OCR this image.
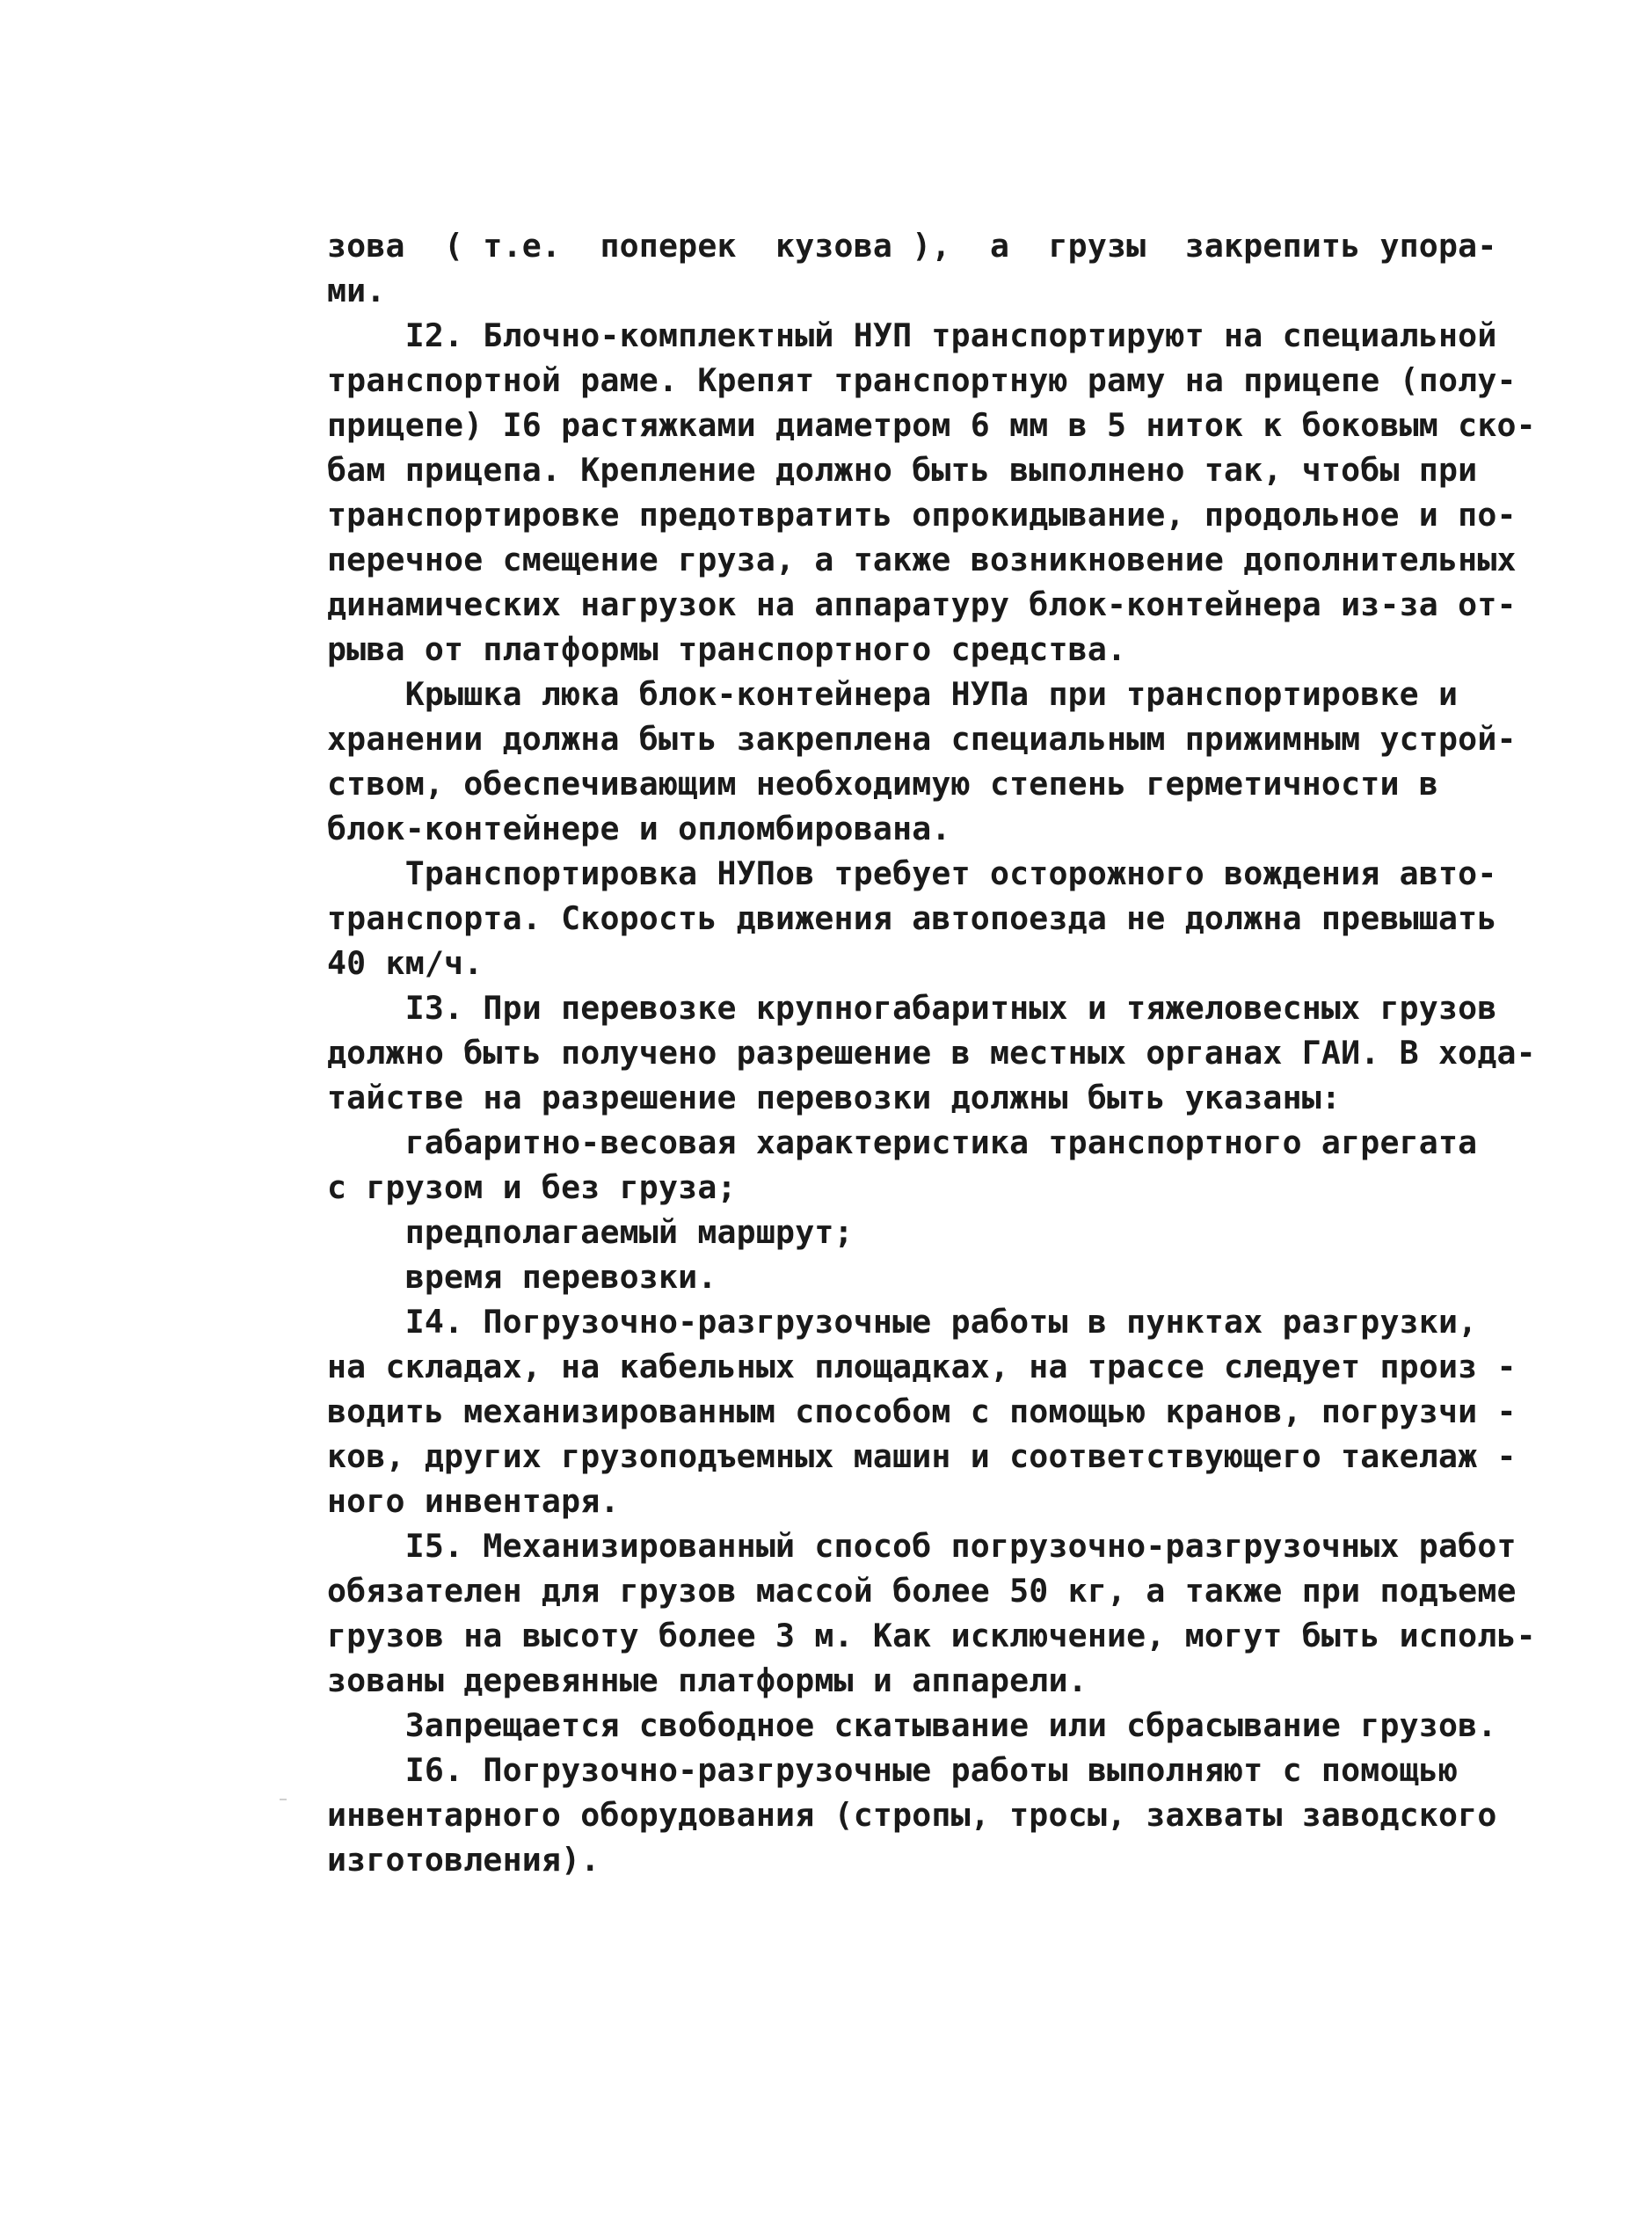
зова  ( т.е.  поперек  кузова ),  а  грузы  закрепить упора-
ми.
I2. Блочно-комплектный НУП транспортируют на специальной
транспортной раме. Крепят транспортную раму на прицепе (полу-
прицепе) I6 растяжками диаметром 6 мм в 5 ниток к боковым ско-
бам прицепа. Крепление должно быть выполнено так, чтобы при
транспортировке предотвратить опрокидывание, продольное и по-
перечное смещение груза, а также возникновение дополнительных
динамических нагрузок на аппаратуру блок-контейнера из-за от-
рыва от платформы транспортного средства.
Крышка люка блок-контейнера НУПа при транспортировке и
хранении должна быть закреплена специальным прижимным устрой-
ством, обеспечивающим необходимую степень герметичности в
блок-контейнере и опломбирована.
Транспортировка НУПов требует осторожного вождения авто-
транспорта. Скорость движения автопоезда не должна превышать
40 км/ч.
I3. При перевозке крупногабаритных и тяжеловесных грузов
должно быть получено разрешение в местных органах ГАИ. В хода-
тайстве на разрешение перевозки должны быть указаны:
габаритно-весовая характеристика транспортного агрегата
с грузом и без груза;
предполагаемый маршрут;
время перевозки.
I4. Погрузочно-разгрузочные работы в пунктах разгрузки,
на складах, на кабельных площадках, на трассе следует произ -
водить механизированным способом с помощью кранов, погрузчи -
ков, других грузоподъемных машин и соответствующего такелаж -
ного инвентаря.
I5. Механизированный способ погрузочно-разгрузочных работ
обязателен для грузов массой более 50 кг, а также при подъеме
грузов на высоту более 3 м. Как исключение, могут быть исполь-
зованы деревянные платформы и аппарели.
Запрещается свободное скатывание или сбрасывание грузов.
I6. Погрузочно-разгрузочные работы выполняют с помощью
инвентарного оборудования (стропы, тросы, захваты заводского
изготовления).
